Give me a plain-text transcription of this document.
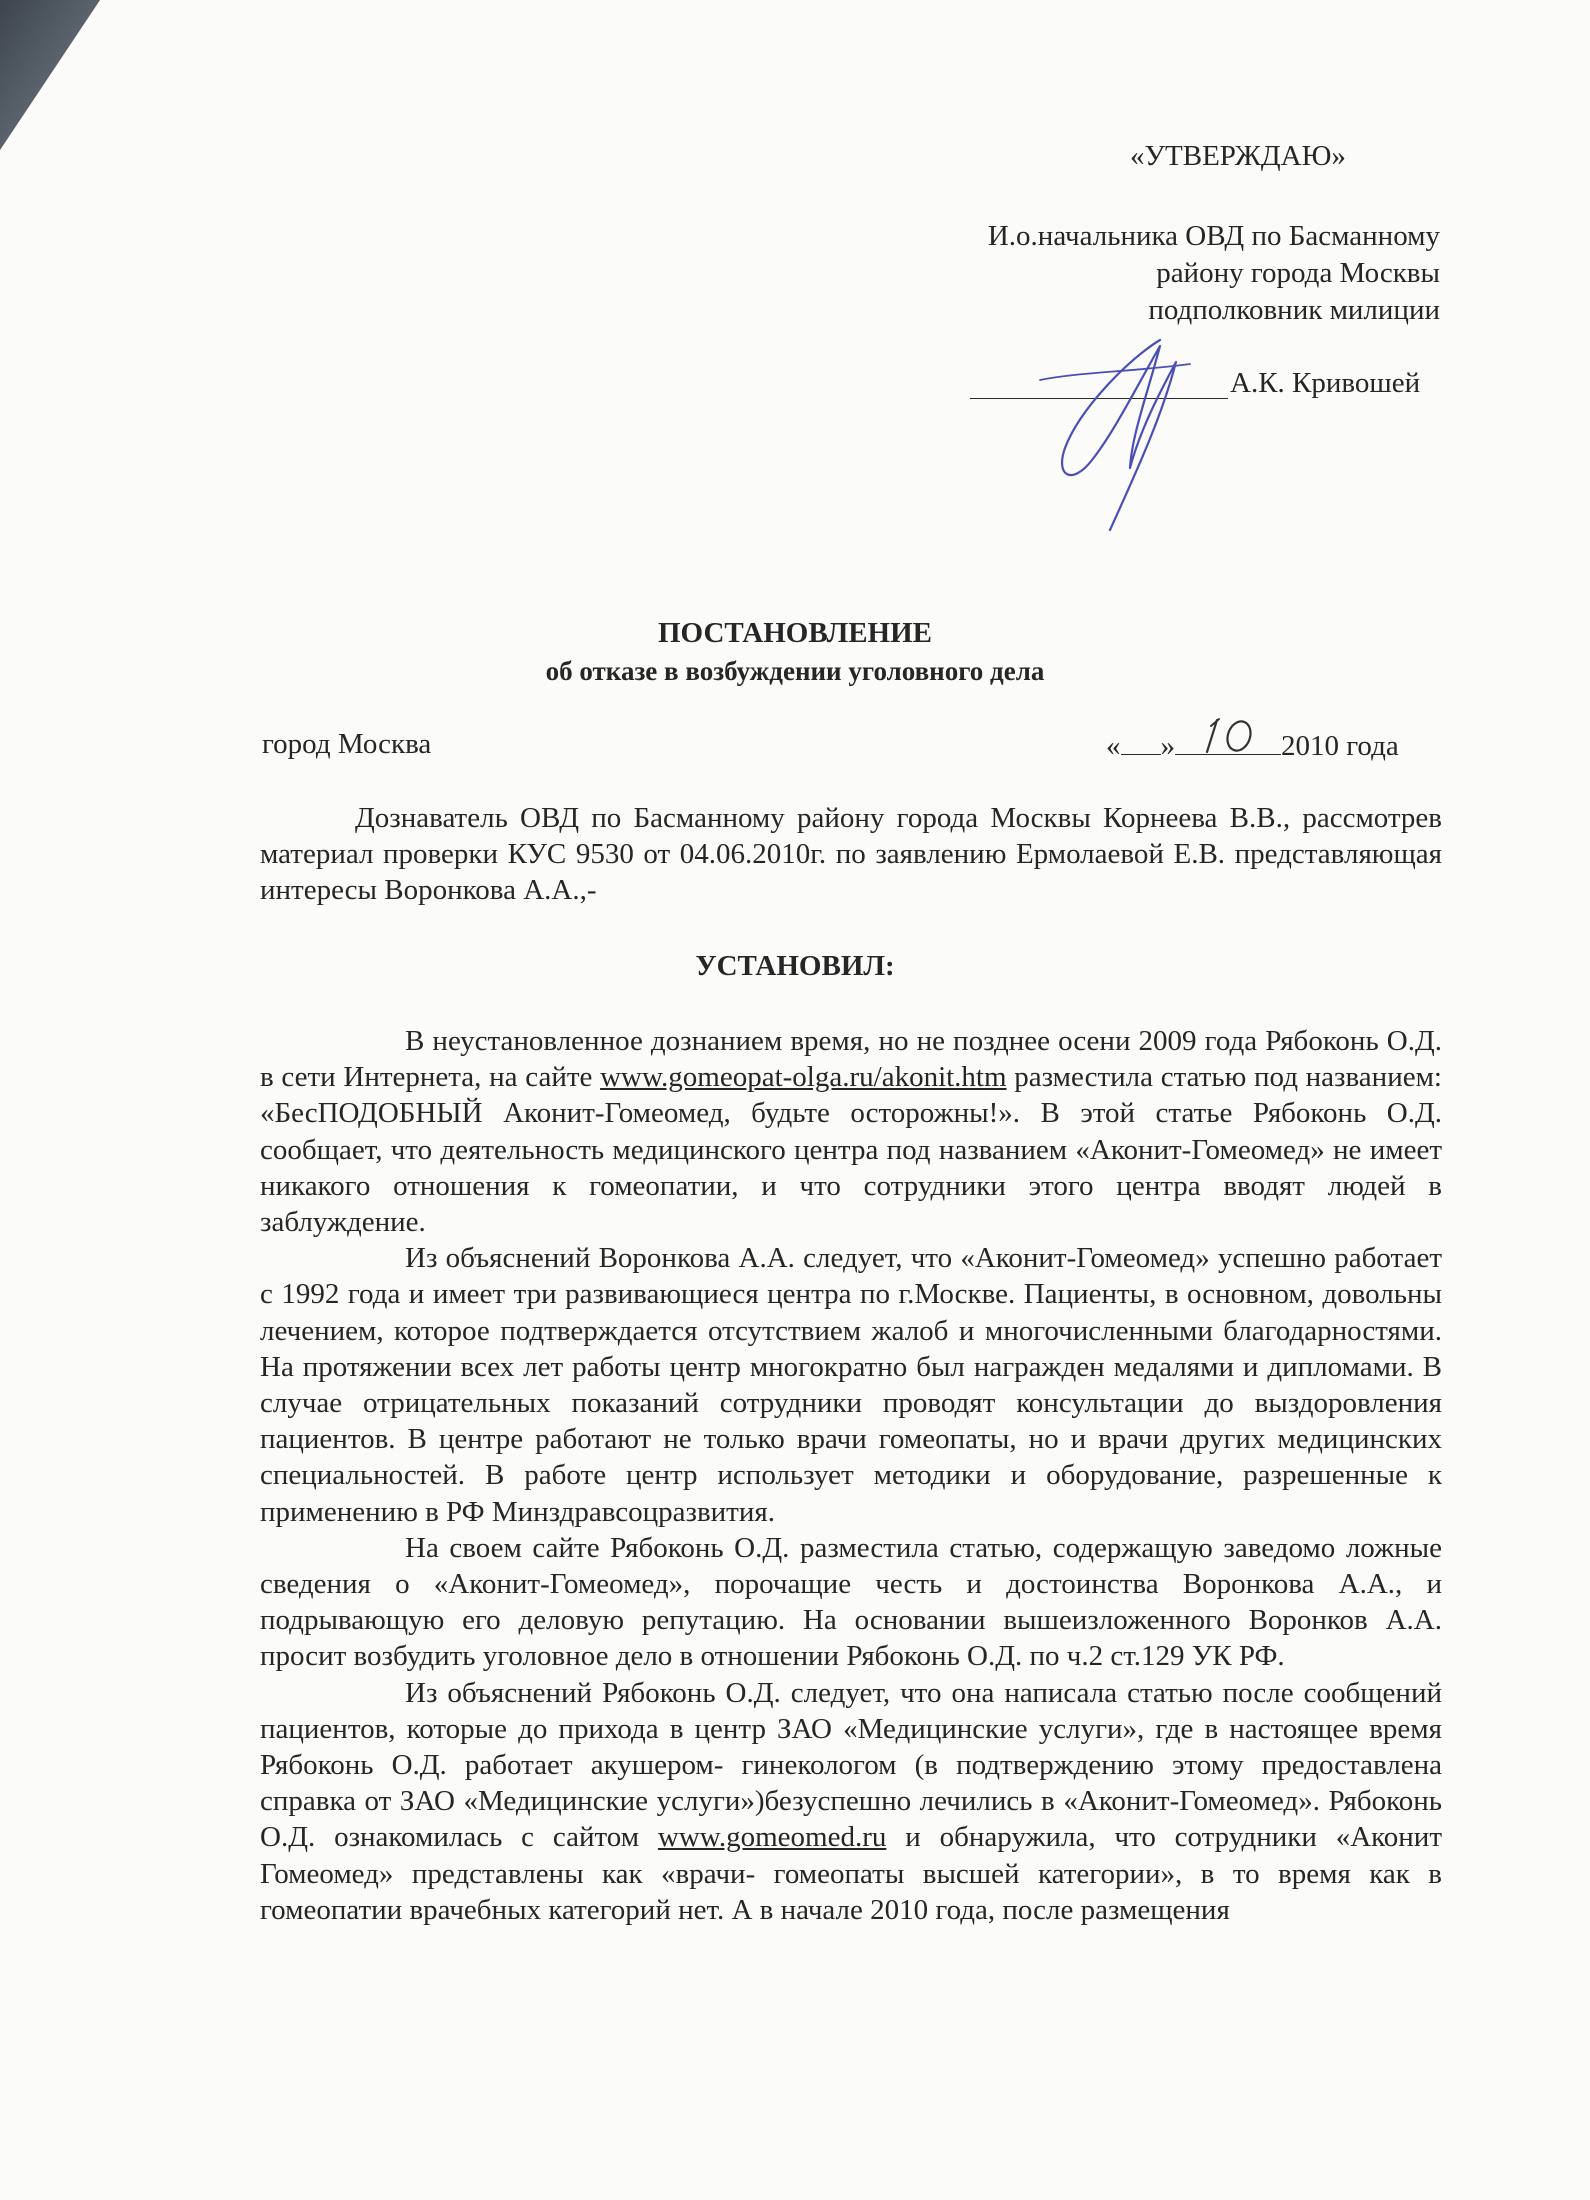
«УТВЕРЖДАЮ»
И.о.начальника ОВД по Басманному
району города Москвы
подполковник милиции
А.К. Кривошей
ПОСТАНОВЛЕНИЕ
об отказе в возбуждении уголовного дела
город Москва	« »	2010 года

Дознаватель ОВД по Басманному району города Москвы Корнеева В.В., рассмотрев материал проверки КУС 9530 от 04.06.2010г. по заявлению Ермолаевой Е.В. представляющая интересы Воронкова А.А.,-

УСТАНОВИЛ:

В неустановленное дознанием время, но не позднее осени 2009 года Рябоконь О.Д. в сети Интернета, на сайте www.gomeopat-olga.ru/akonit.htm разместила статью под названием: «БесПОДОБНЫЙ Аконит-Гомеомед, будьте осторожны!». В этой статье Рябоконь О.Д. сообщает, что деятельность медицинского центра под названием «Аконит-Гомеомед» не имеет никакого отношения к гомеопатии, и что сотрудники этого центра вводят людей в заблуждение.

Из объяснений Воронкова А.А. следует, что «Аконит-Гомеомед» успешно работает с 1992 года и имеет три развивающиеся центра по г.Москве. Пациенты, в основном, довольны лечением, которое подтверждается отсутствием жалоб и многочисленными благодарностями. На протяжении всех лет работы центр многократно был награжден медалями и дипломами. В случае отрицательных показаний сотрудники проводят консультации до выздоровления пациентов. В центре работают не только врачи гомеопаты, но и врачи других медицинских специальностей. В работе центр использует методики и оборудование, разрешенные к применению в РФ Минздравсоцразвития.

На своем сайте Рябоконь О.Д. разместила статью, содержащую заведомо ложные сведения о «Аконит-Гомеомед», порочащие честь и достоинства Воронкова А.А., и подрывающую его деловую репутацию. На основании вышеизложенного Воронков А.А. просит возбудить уголовное дело в отношении Рябоконь О.Д. по ч.2 ст.129 УК РФ.

Из объяснений Рябоконь О.Д. следует, что она написала статью после сообщений пациентов, которые до прихода в центр ЗАО «Медицинские услуги», где в настоящее время Рябоконь О.Д. работает акушером- гинекологом (в подтверждению этому предоставлена справка от ЗАО «Медицинские услуги»)безуспешно лечились в «Аконит-Гомеомед». Рябоконь О.Д. ознакомилась с сайтом www.gomeomed.ru и обнаружила, что сотрудники «Аконит Гомеомед» представлены как «врачи- гомеопаты высшей категории», в то время как в гомеопатии врачебных категорий нет. А в начале 2010 года, после размещения
